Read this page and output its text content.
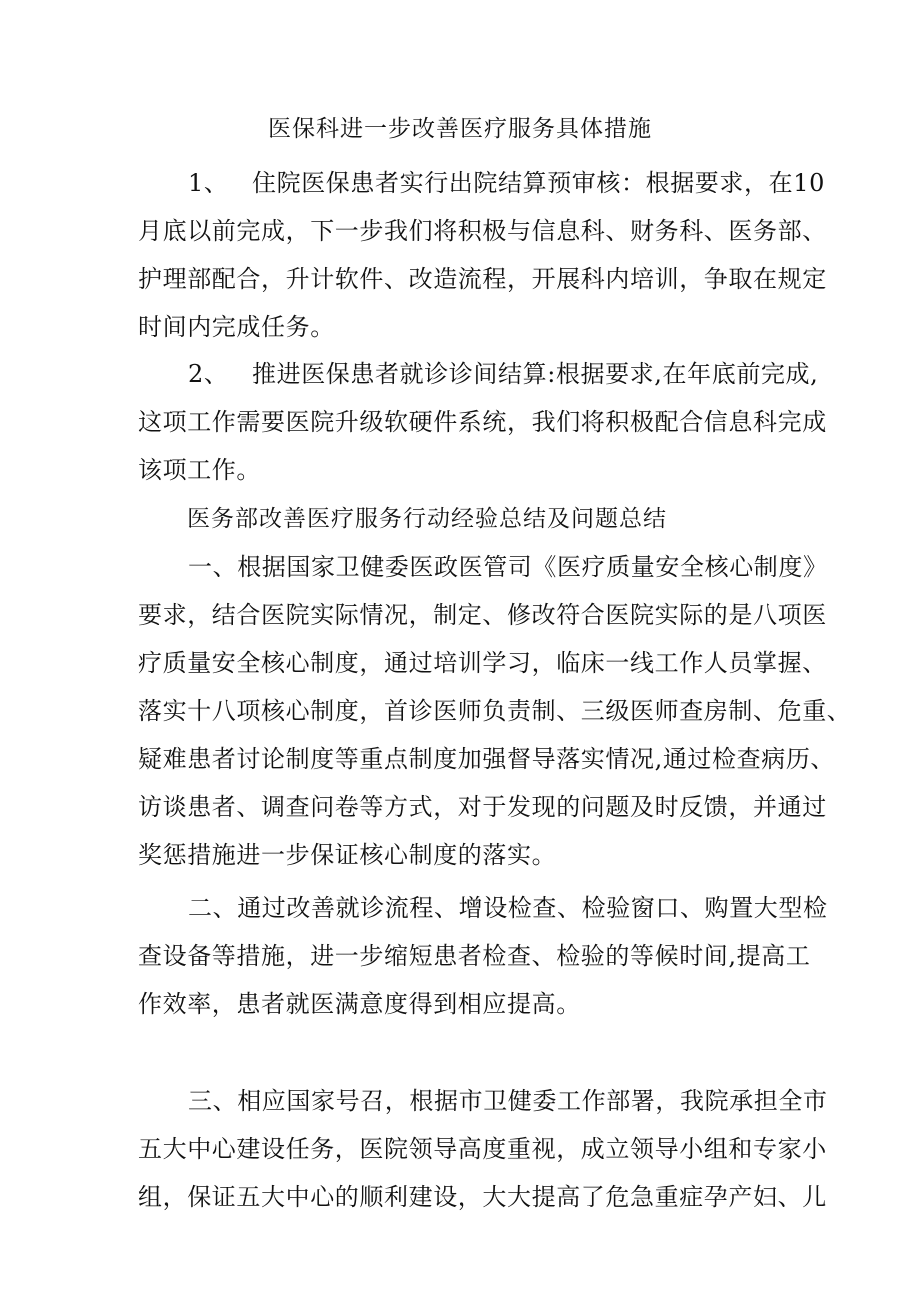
医保科进一步改善医疗服务具体措施
1、 住院医保患者实行出院结算预审核：根据要求，在10
月底以前完成，下一步我们将积极与信息科、财务科、医务部、
护理部配合，升计软件、改造流程，开展科内培训，争取在规定
时间内完成任务。
2、 推进医保患者就诊诊间结算:根据要求,在年底前完成,
这项工作需要医院升级软硬件系统，我们将积极配合信息科完成
该项工作。
医务部改善医疗服务行动经验总结及问题总结
一、根据国家卫健委医政医管司《医疗质量安全核心制度》
要求，结合医院实际情况，制定、修改符合医院实际的是八项医
疗质量安全核心制度，通过培训学习，临床一线工作人员掌握、
落实十八项核心制度，首诊医师负责制、三级医师查房制、危重、
疑难患者讨论制度等重点制度加强督导落实情况,通过检查病历、
访谈患者、调查问卷等方式，对于发现的问题及时反馈，并通过
奖惩措施进一步保证核心制度的落实。
二、通过改善就诊流程、增设检查、检验窗口、购置大型检
查设备等措施，进一步缩短患者检查、检验的等候时间,提高工
作效率，患者就医满意度得到相应提高。
三、相应国家号召，根据市卫健委工作部署，我院承担全市
五大中心建设任务，医院领导高度重视，成立领导小组和专家小
组，保证五大中心的顺利建设，大大提高了危急重症孕产妇、儿
